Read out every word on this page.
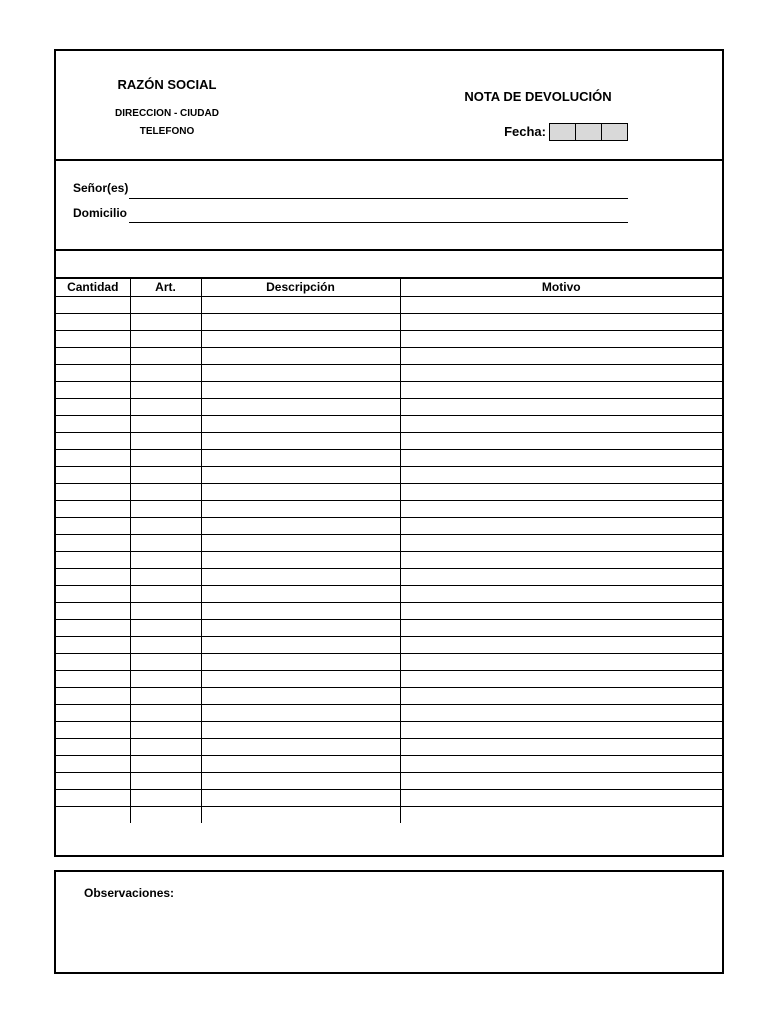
RAZÓN SOCIAL
DIRECCION - CIUDAD
TELEFONO
NOTA DE DEVOLUCIÓN
Fecha:
Señor(es)
Domicilio
Cantidad	Art.	Descripción	Motivo

Observaciones:
